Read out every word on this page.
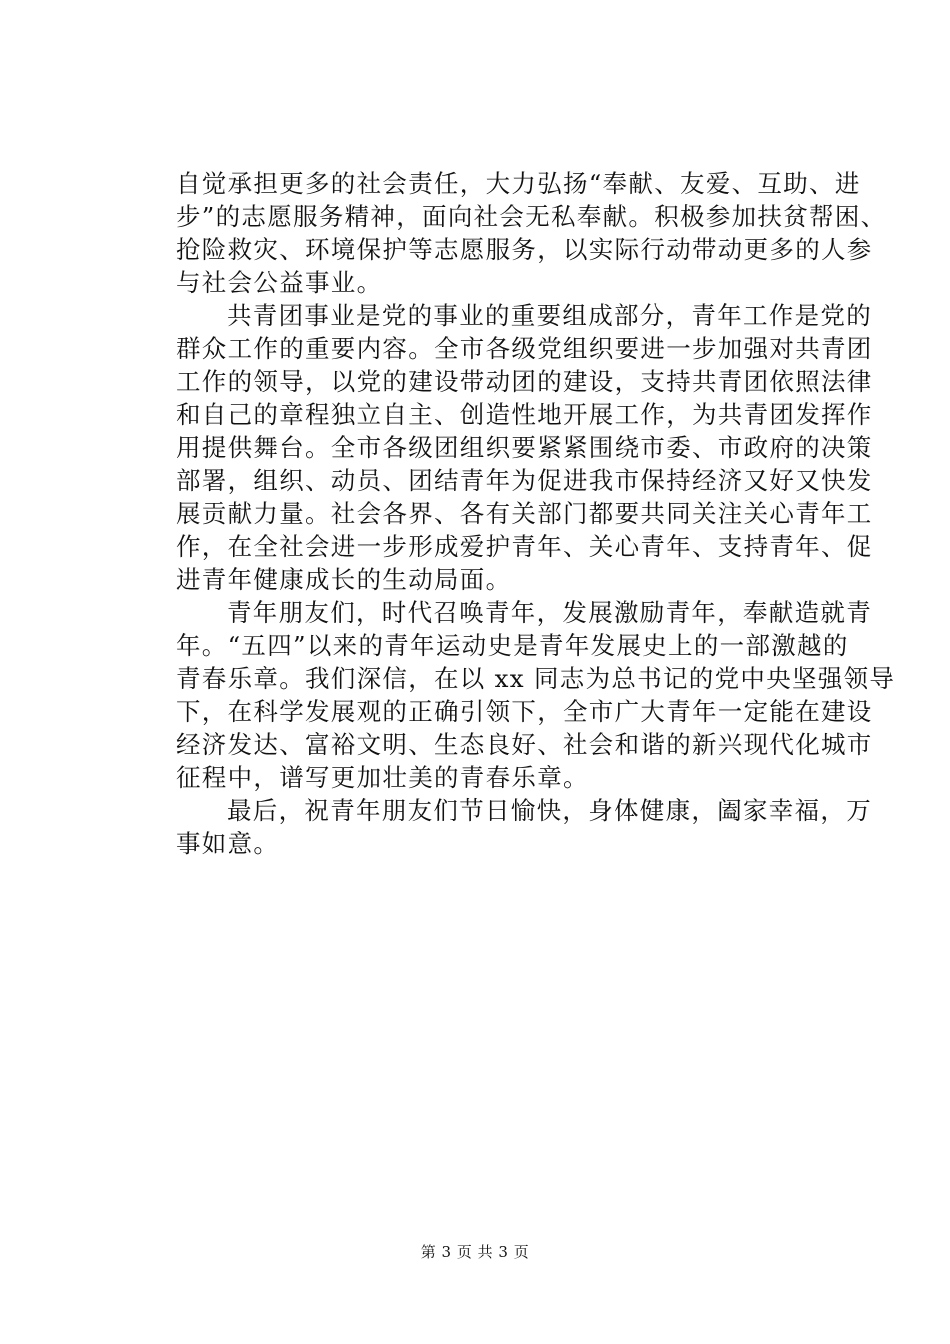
自觉承担更多的社会责任，大力弘扬“奉献、友爱、互助、进
步”的志愿服务精神，面向社会无私奉献。积极参加扶贫帮困、
抢险救灾、环境保护等志愿服务，以实际行动带动更多的人参
与社会公益事业。
共青团事业是党的事业的重要组成部分，青年工作是党的
群众工作的重要内容。全市各级党组织要进一步加强对共青团
工作的领导，以党的建设带动团的建设，支持共青团依照法律
和自己的章程独立自主、创造性地开展工作，为共青团发挥作
用提供舞台。全市各级团组织要紧紧围绕市委、市政府的决策
部署，组织、动员、团结青年为促进我市保持经济又好又快发
展贡献力量。社会各界、各有关部门都要共同关注关心青年工
作，在全社会进一步形成爱护青年、关心青年、支持青年、促
进青年健康成长的生动局面。
青年朋友们，时代召唤青年，发展激励青年，奉献造就青
年。“五四”以来的青年运动史是青年发展史上的一部激越的
青春乐章。我们深信，在以 xx 同志为总书记的党中央坚强领导
下，在科学发展观的正确引领下，全市广大青年一定能在建设
经济发达、富裕文明、生态良好、社会和谐的新兴现代化城市
征程中，谱写更加壮美的青春乐章。
最后，祝青年朋友们节日愉快，身体健康，阖家幸福，万
事如意。
第 3 页 共 3 页
